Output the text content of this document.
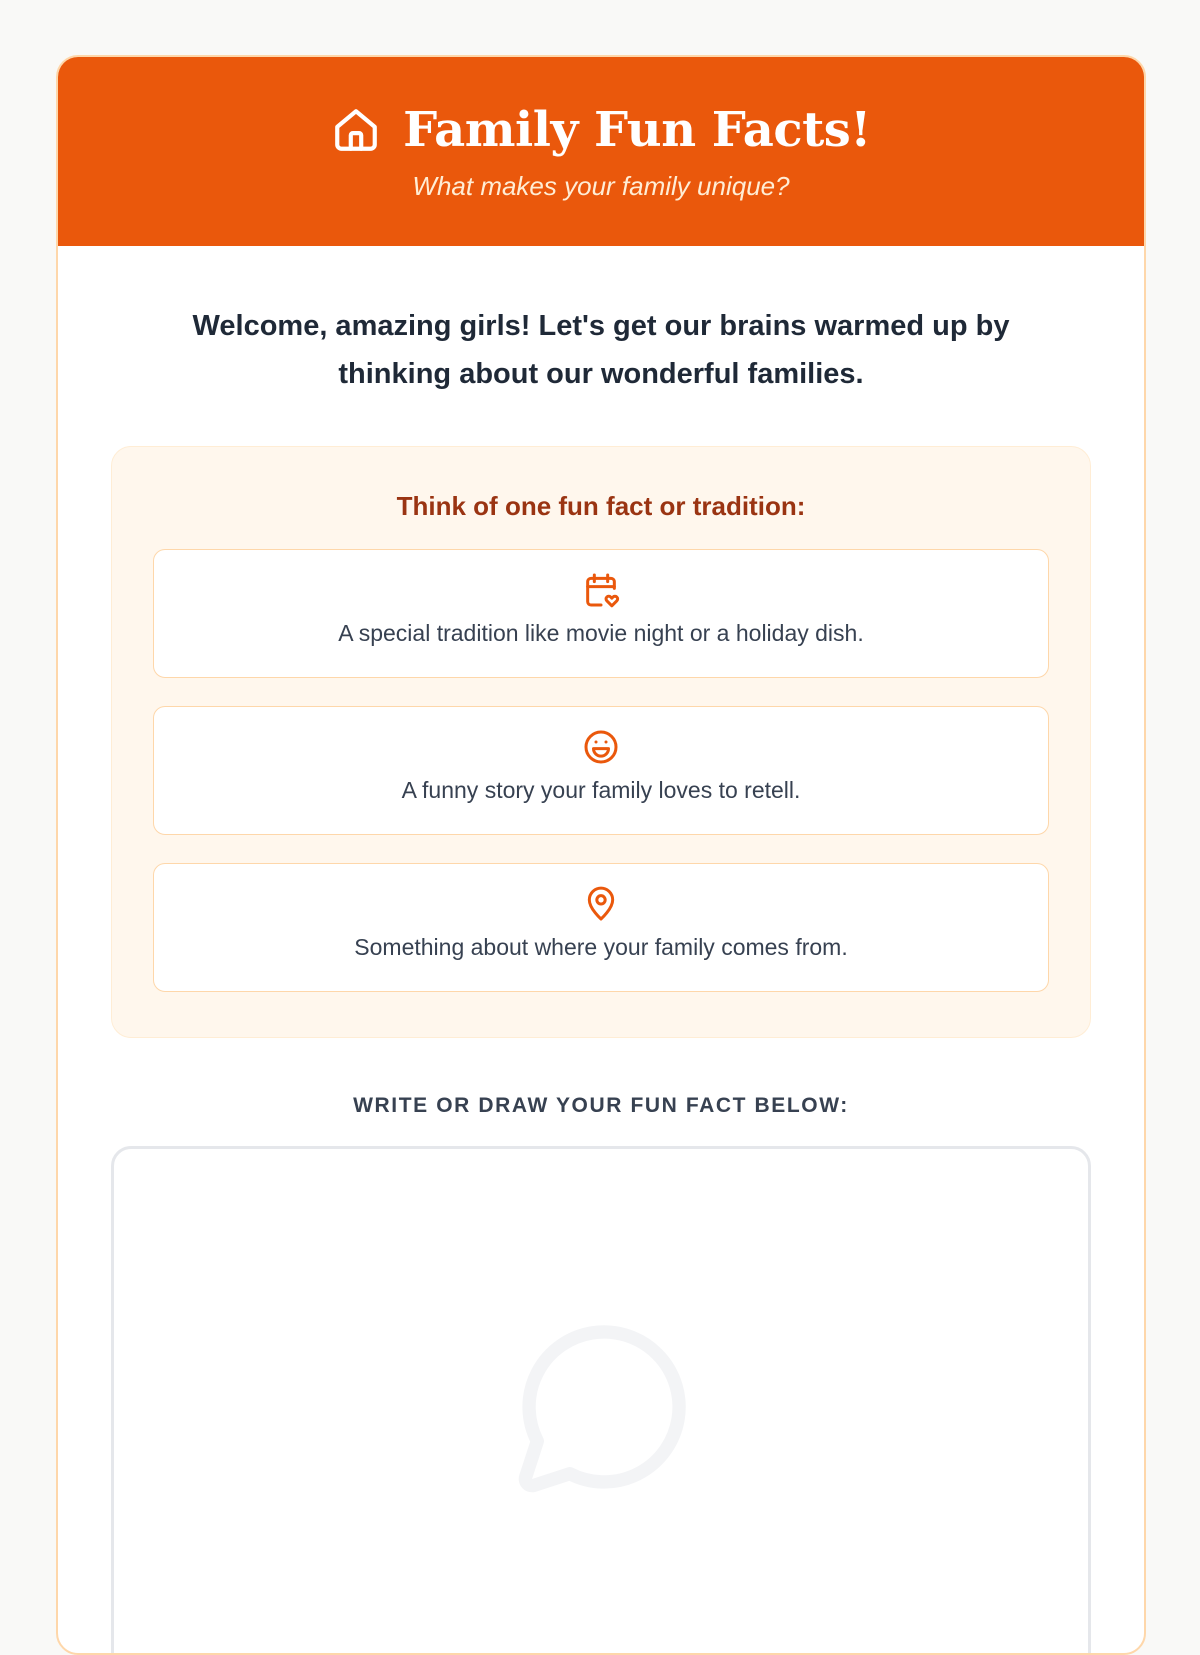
Family Fun Facts!
What makes your family unique?

Welcome, amazing girls! Let's get our brains warmed up by thinking about our wonderful families.

Think of one fun fact or tradition:
A special tradition like movie night or a holiday dish.
A funny story your family loves to retell.
Something about where your family comes from.
WRITE OR DRAW YOUR FUN FACT BELOW:
